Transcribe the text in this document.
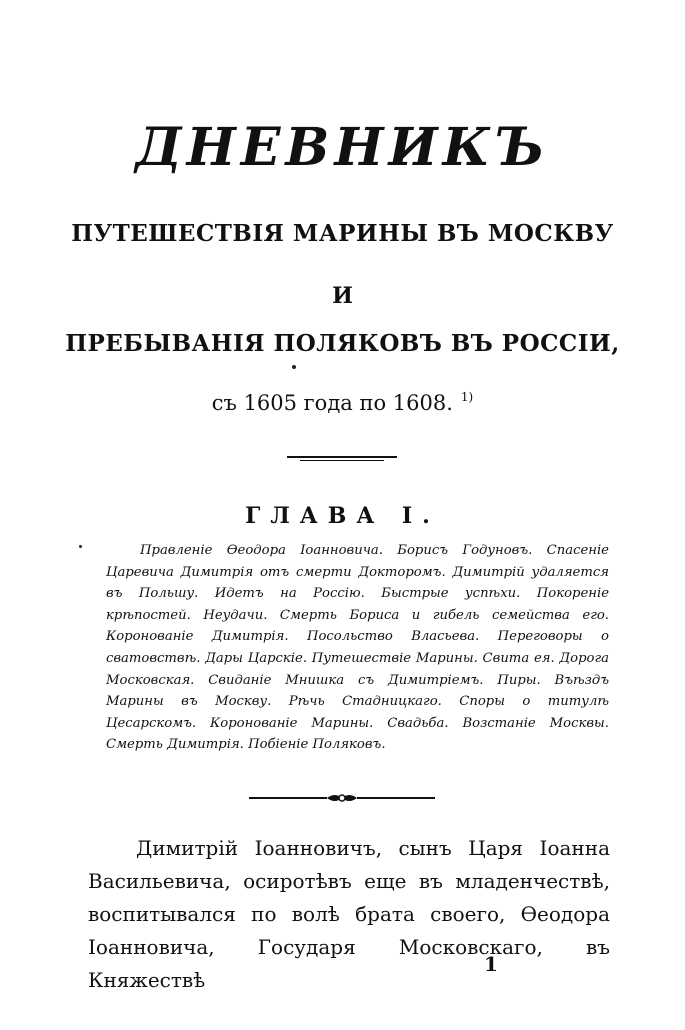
ДНЕВНИКЪ
ПУТЕШЕСТВІЯ МАРИНЫ ВЪ МОСКВУ
И
ПРЕБЫВАНІЯ ПОЛЯКОВЪ ВЪ РОССІИ,
съ 1605 года по 1608. $^{1)}$
ГЛАВА I.
Правленіе Ѳеодора Іоанновича. Борисъ Годуновъ. Спасеніе Царевича Димитрія отъ смерти Докторомъ. Димитрій удаляется въ Польшу. Идетъ на Россію. Быстрые успѣхи. Покореніе крѣпостей. Неудачи. Смерть Бориса и гибель семейства его. Коронованіе Димитрія. Посольство Власьева. Переговоры о сватовствѣ. Дары Царскіе. Путешествіе Марины. Свита ея. Дорога Московская. Свиданіе Мнишка съ Димитріемъ. Пиры. Въѣздъ Марины въ Москву. Рѣчь Стадницкаго. Споры о титулѣ Цесарскомъ. Коронованіе Марины. Свадьба. Возстаніе Москвы. Смерть Димитрія. Побіеніе Поляковъ.
Димитрій Іоанновичъ, сынъ Царя Іоанна Васильевича, осиротѣвъ еще въ младенчествѣ, воспитывался по волѣ брата своего, Ѳеодора Іоанновича, Государя Московскаго, въ Княжествѣ
1
